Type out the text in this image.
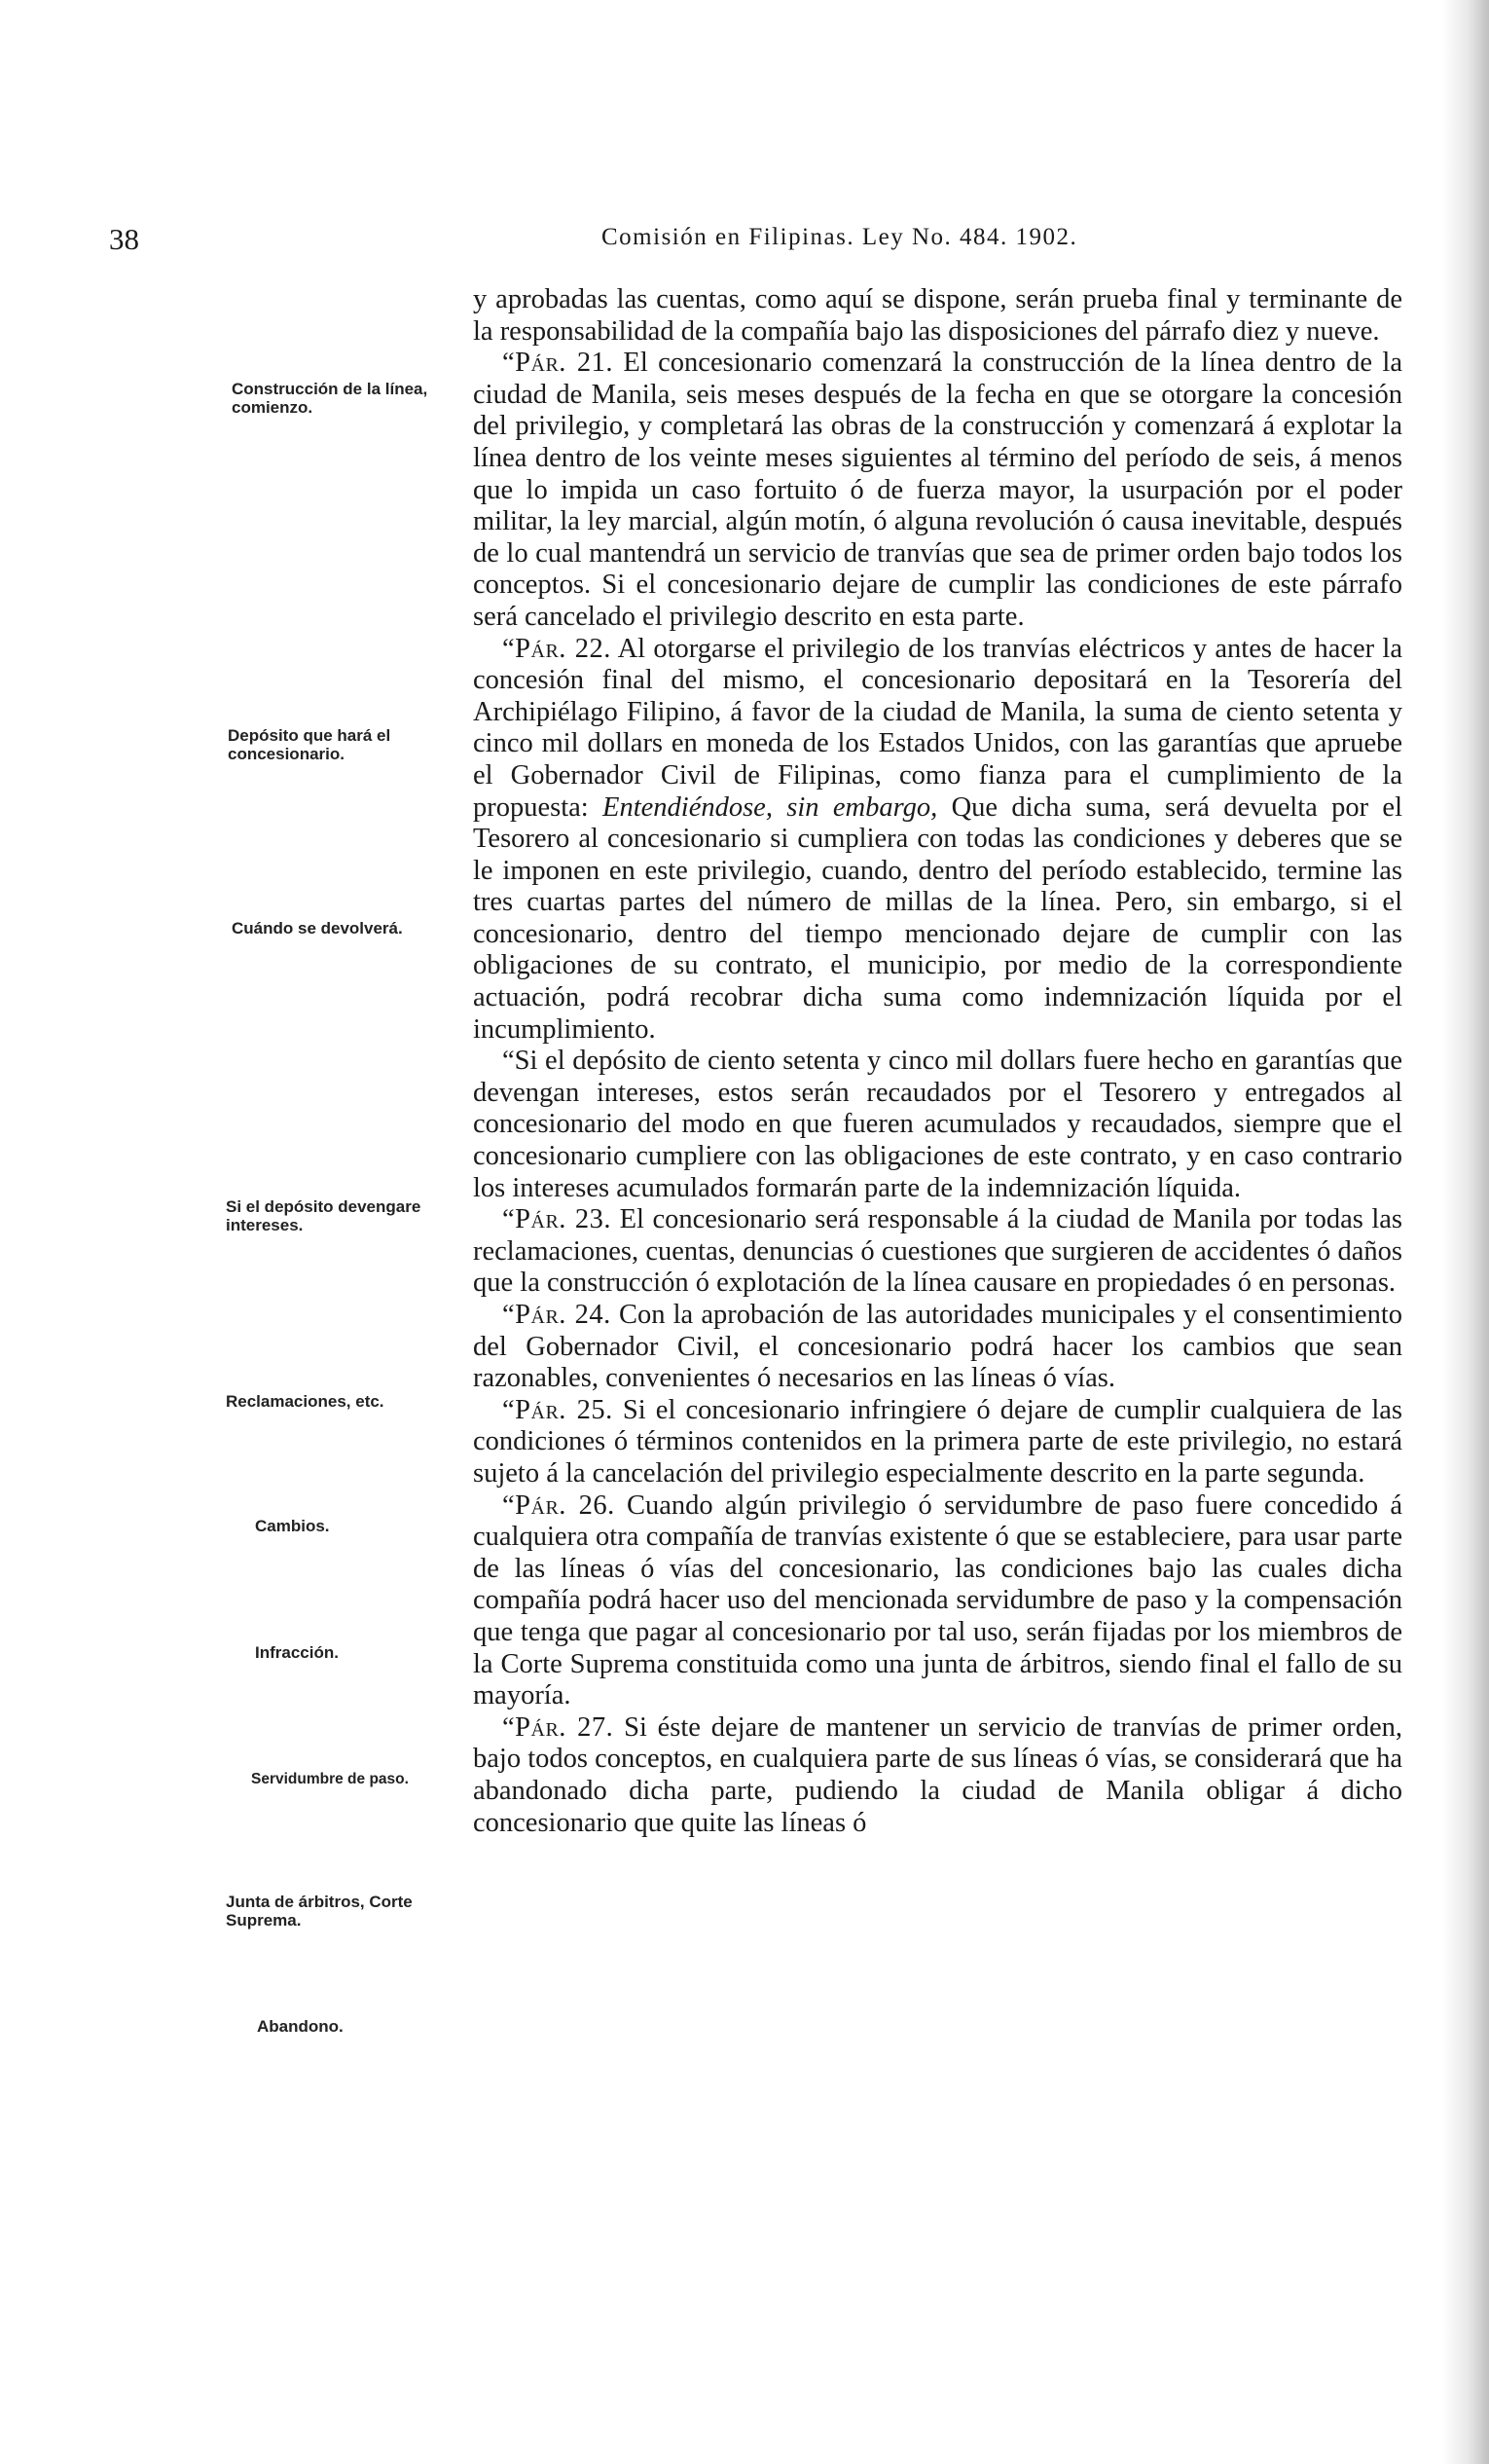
38	Comisión en Filipinas. Ley No. 484. 1902.
Construcción de la línea, comienzo.
Depósito que hará el concesionario.
Cuándo se devolverá.
Si el depósito devengare intereses.
Reclamaciones, etc.
Cambios.
Infracción.
Servidumbre de paso.
Junta de árbitros, Corte Suprema.
Abandono.

y aprobadas las cuentas, como aquí se dispone, serán prueba final y terminante de la responsabilidad de la compañía bajo las disposiciones del párrafo diez y nueve.

“Pár. 21. El concesionario comenzará la construcción de la línea dentro de la ciudad de Manila, seis meses después de la fecha en que se otorgare la concesión del privilegio, y completará las obras de la construcción y comenzará á explotar la línea dentro de los veinte meses siguientes al término del período de seis, á menos que lo impida un caso fortuito ó de fuerza mayor, la usurpación por el poder militar, la ley marcial, algún motín, ó alguna revolución ó causa inevitable, después de lo cual mantendrá un servicio de tranvías que sea de primer orden bajo todos los conceptos. Si el concesionario dejare de cumplir las condiciones de este párrafo será cancelado el privilegio descrito en esta parte.

“Pár. 22. Al otorgarse el privilegio de los tranvías eléctricos y antes de hacer la concesión final del mismo, el concesionario depositará en la Tesorería del Archipiélago Filipino, á favor de la ciudad de Manila, la suma de ciento setenta y cinco mil dollars en moneda de los Estados Unidos, con las garantías que apruebe el Gobernador Civil de Filipinas, como fianza para el cumplimiento de la propuesta: Entendiéndose, sin embargo, Que dicha suma, será devuelta por el Tesorero al concesionario si cumpliera con todas las condiciones y deberes que se le imponen en este privilegio, cuando, dentro del período establecido, termine las tres cuartas partes del número de millas de la línea. Pero, sin embargo, si el concesionario, dentro del tiempo mencionado dejare de cumplir con las obligaciones de su contrato, el municipio, por medio de la correspondiente actuación, podrá recobrar dicha suma como indemnización líquida por el incumplimiento.

“Si el depósito de ciento setenta y cinco mil dollars fuere hecho en garantías que devengan intereses, estos serán recaudados por el Tesorero y entregados al concesionario del modo en que fueren acumulados y recaudados, siempre que el concesionario cumpliere con las obligaciones de este contrato, y en caso contrario los intereses acumulados formarán parte de la indemnización líquida.

“Pár. 23. El concesionario será responsable á la ciudad de Manila por todas las reclamaciones, cuentas, denuncias ó cuestiones que surgieren de accidentes ó daños que la construcción ó explotación de la línea causare en propiedades ó en personas.

“Pár. 24. Con la aprobación de las autoridades municipales y el consentimiento del Gobernador Civil, el concesionario podrá hacer los cambios que sean razonables, convenientes ó necesarios en las líneas ó vías.

“Pár. 25. Si el concesionario infringiere ó dejare de cumplir cualquiera de las condiciones ó términos contenidos en la primera parte de este privilegio, no estará sujeto á la cancelación del privilegio especialmente descrito en la parte segunda.

“Pár. 26. Cuando algún privilegio ó servidumbre de paso fuere concedido á cualquiera otra compañía de tranvías existente ó que se estableciere, para usar parte de las líneas ó vías del concesionario, las condiciones bajo las cuales dicha compañía podrá hacer uso del mencionada servidumbre de paso y la compensación que tenga que pagar al concesionario por tal uso, serán fijadas por los miembros de la Corte Suprema constituida como una junta de árbitros, siendo final el fallo de su mayoría.

“Pár. 27. Si éste dejare de mantener un servicio de tranvías de primer orden, bajo todos conceptos, en cualquiera parte de sus líneas ó vías, se considerará que ha abandonado dicha parte, pudiendo la ciudad de Manila obligar á dicho concesionario que quite las líneas ó
